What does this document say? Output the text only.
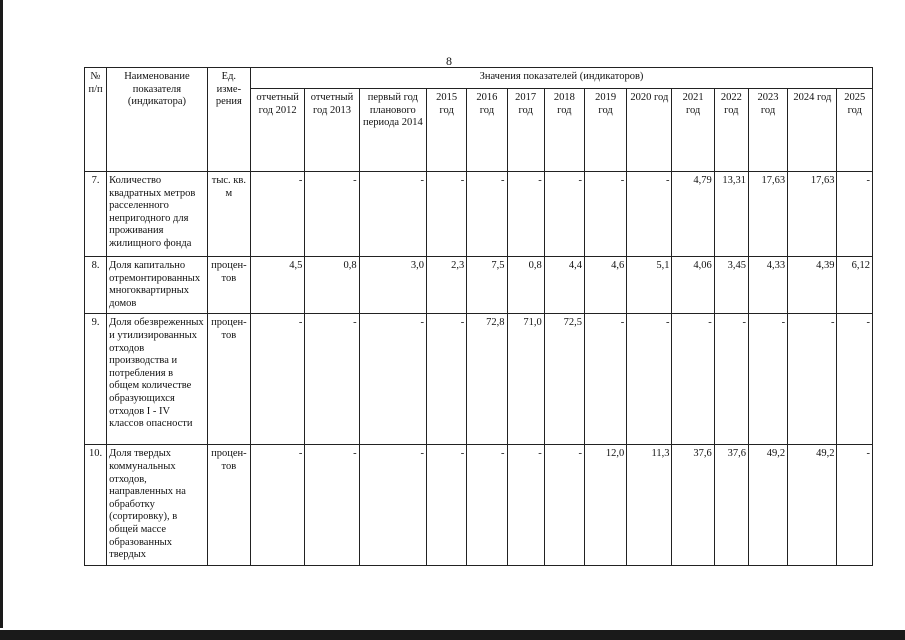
8
№ п/п	Наименование показателя (индикатора)	Ед. изме-рения	Значения показателей (индикаторов)													
			отчетный год 2012	отчетный год 2013	первый год планового периода 2014	2015 год	2016 год	2017 год	2018 год	2019 год	2020 год	2021 год	2022 год	2023 год	2024 год	2025 год
7.	Количество квадратных метров расселенного непригодного для проживания жилищного фонда	тыс. кв. м	-	-	-	-	-	-	-	-	-	4,79	13,31	17,63	17,63	-
8.	Доля капитально отремонтированных многоквартирных домов	процен-тов	4,5	0,8	3,0	2,3	7,5	0,8	4,4	4,6	5,1	4,06	3,45	4,33	4,39	6,12
9.	Доля обезвреженных и утилизированных отходов производства и потребления в общем количестве образующихся отходов I - IV классов опасности	процен-тов	-	-	-	-	72,8	71,0	72,5	-	-	-	-	-	-	-
10.	Доля твердых коммунальных отходов, направленных на обработку (сортировку), в общей массе образованных твердых	процен-тов	-	-	-	-	-	-	-	12,0	11,3	37,6	37,6	49,2	49,2	-
